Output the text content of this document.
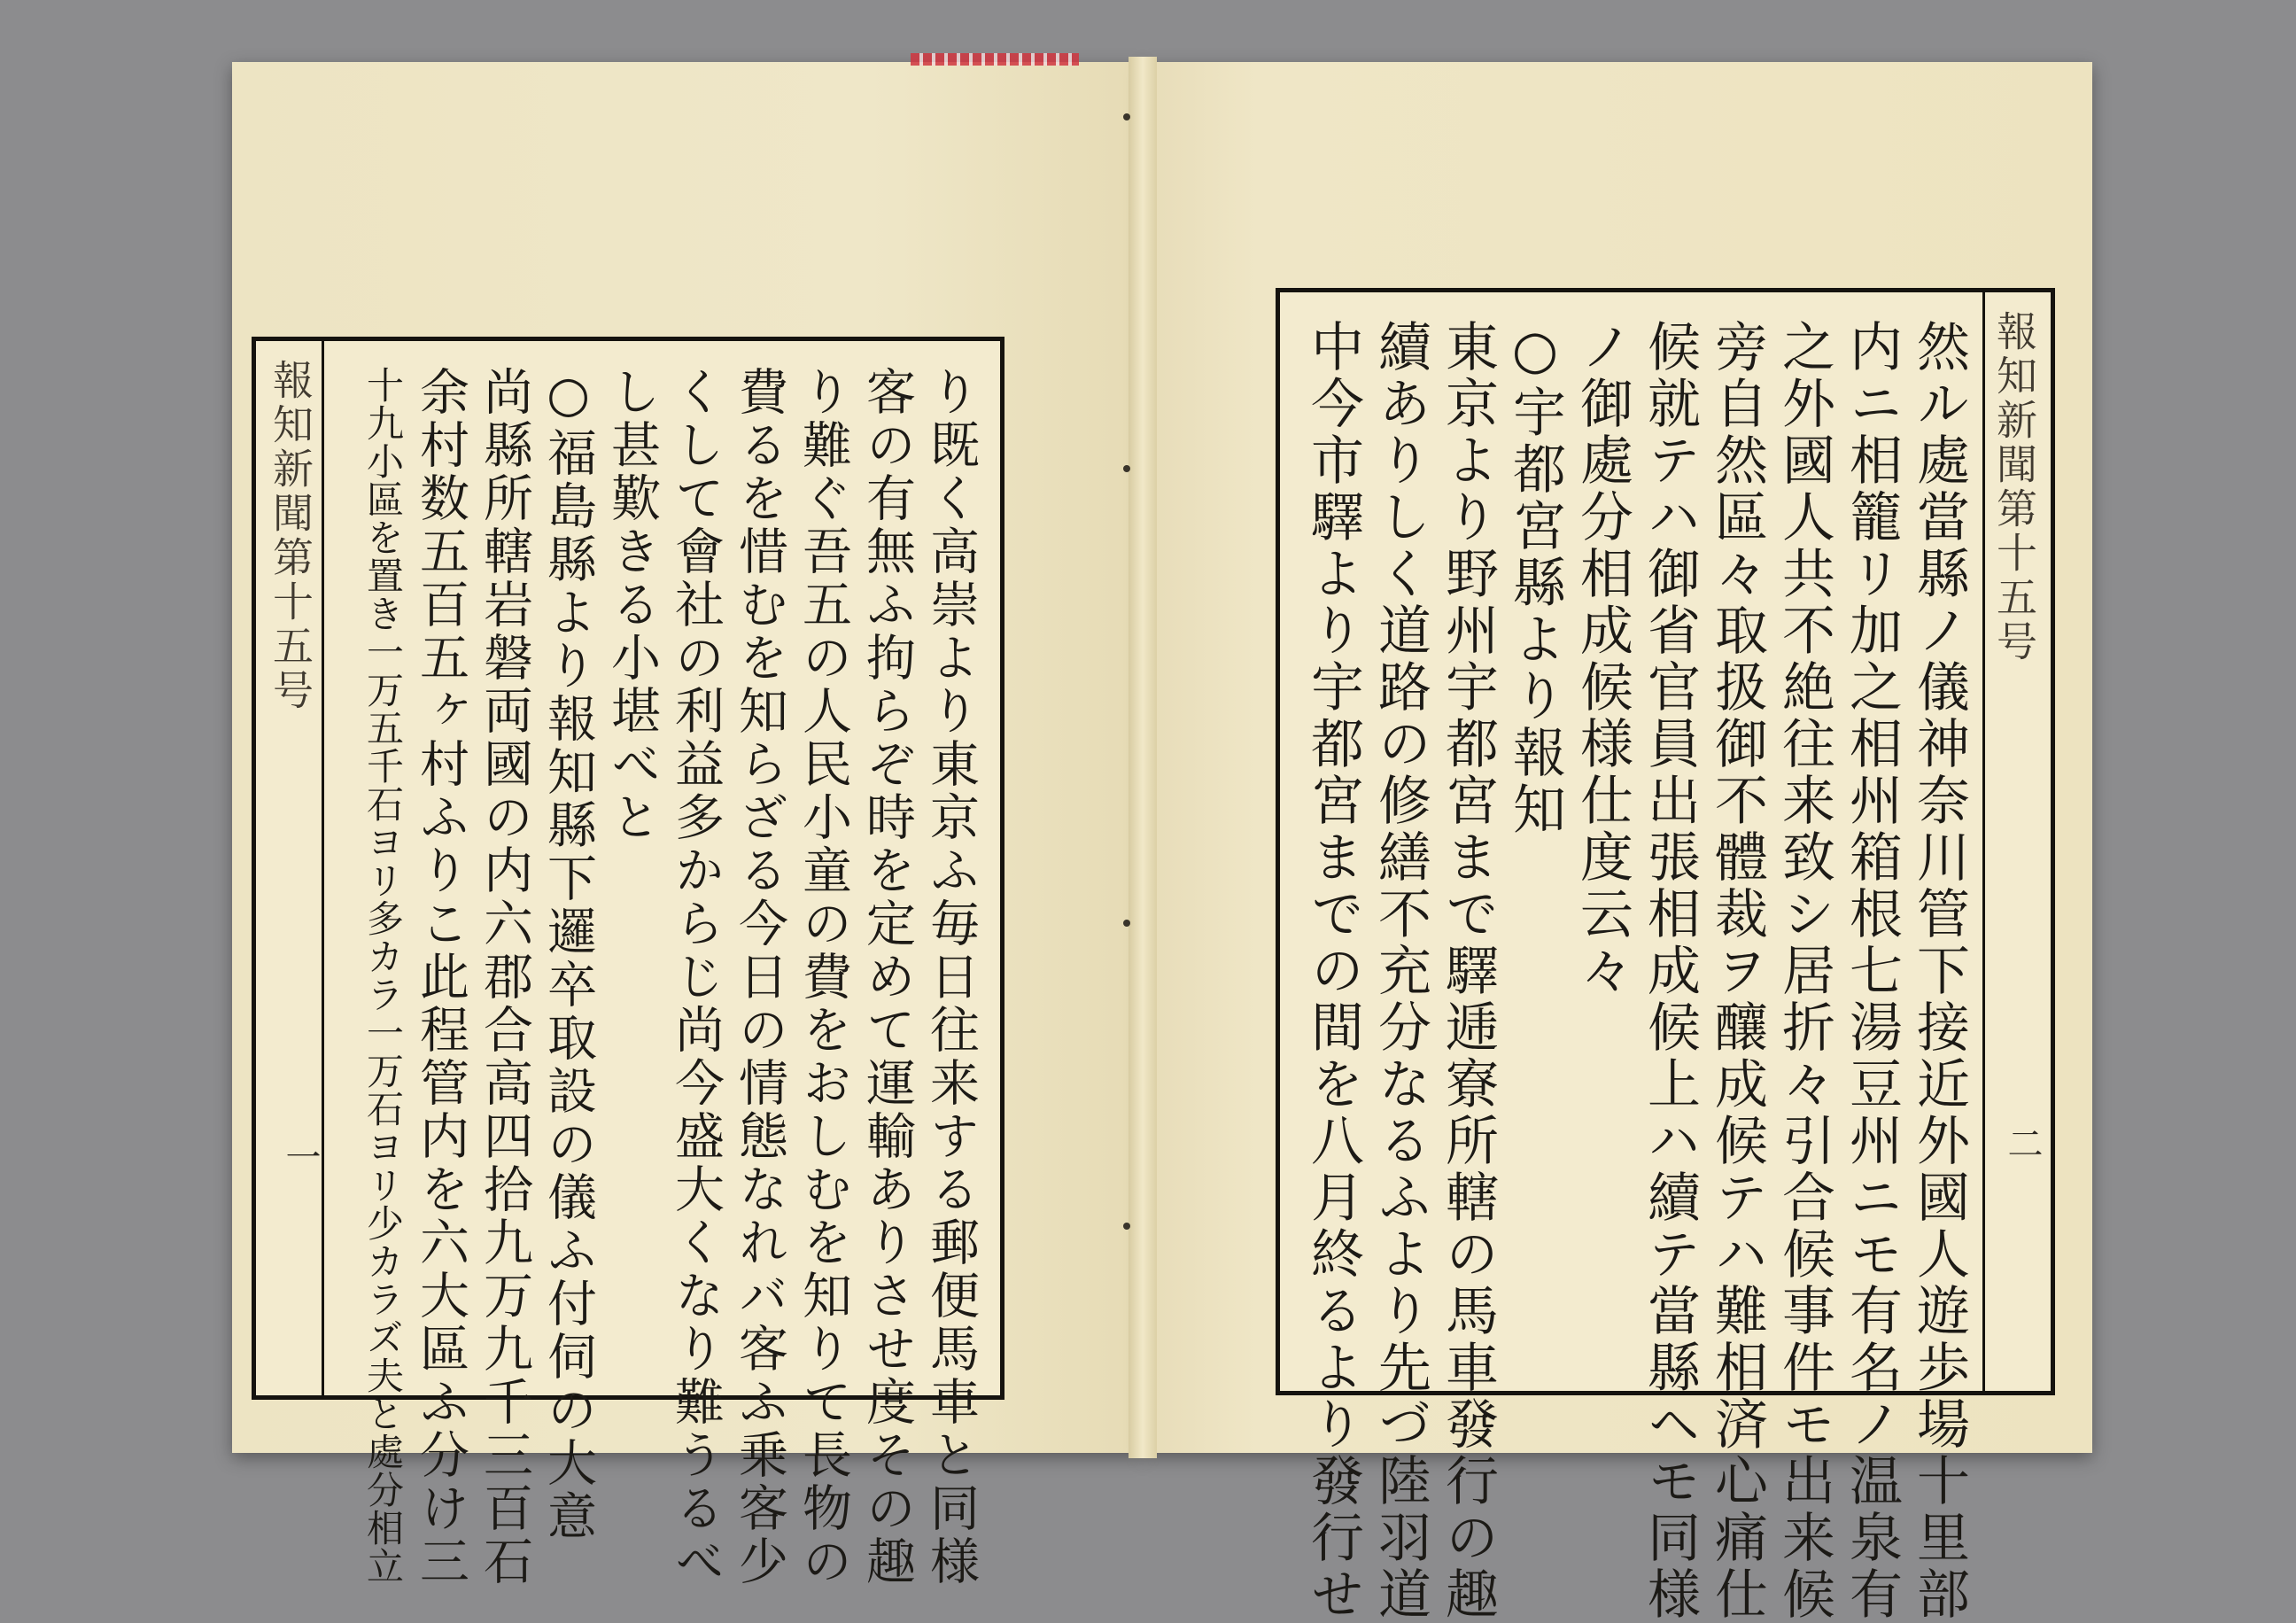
報知新聞第十五号
一	り既く高崇より東京ふ毎日往来する郵便馬車と同様
客の有無ふ拘らぞ時を定めて運輸ありさせ度その趣
り難ぐ吾五の人民小童の費をおしむを知りて長物の
費るを惜むを知らざる今日の情態なれバ客ふ乗客少
くして會社の利益多からじ尚今盛大くなり難うるべ
し甚歎きる小堪べと
○福島縣より報知縣下邏卒取設の儀ふ付伺の大意
尚縣所轄岩磐両國の内六郡合高四拾九万九千三百石
余村数五百五ヶ村ふりこ此程管内を六大區ふ分け三
十九小區を置き一万五千石ヨリ多カラ一万石ヨリ少カラズ夫と處分相立	報知新聞第十五号
二
然ル處當縣ノ儀神奈川管下接近外國人遊歩場十里部
内ニ相籠リ加之相州箱根七湯豆州ニモ有名ノ温泉有
之外國人共不絶往来致シ居折々引合候事件モ出来候
旁自然區々取扱御不體裁ヲ釀成候テハ難相済心痛仕
候就テハ御省官員出張相成候上ハ續テ當縣ヘモ同様
ノ御處分相成候様仕度云々
○宇都宮縣より報知
東京より野州宇都宮まで驛逓寮所轄の馬車發行の趣
續ありしく道路の修繕不充分なるふより先づ陸羽道
中今市驛より宇都宮までの間を八月終るより發行せ
